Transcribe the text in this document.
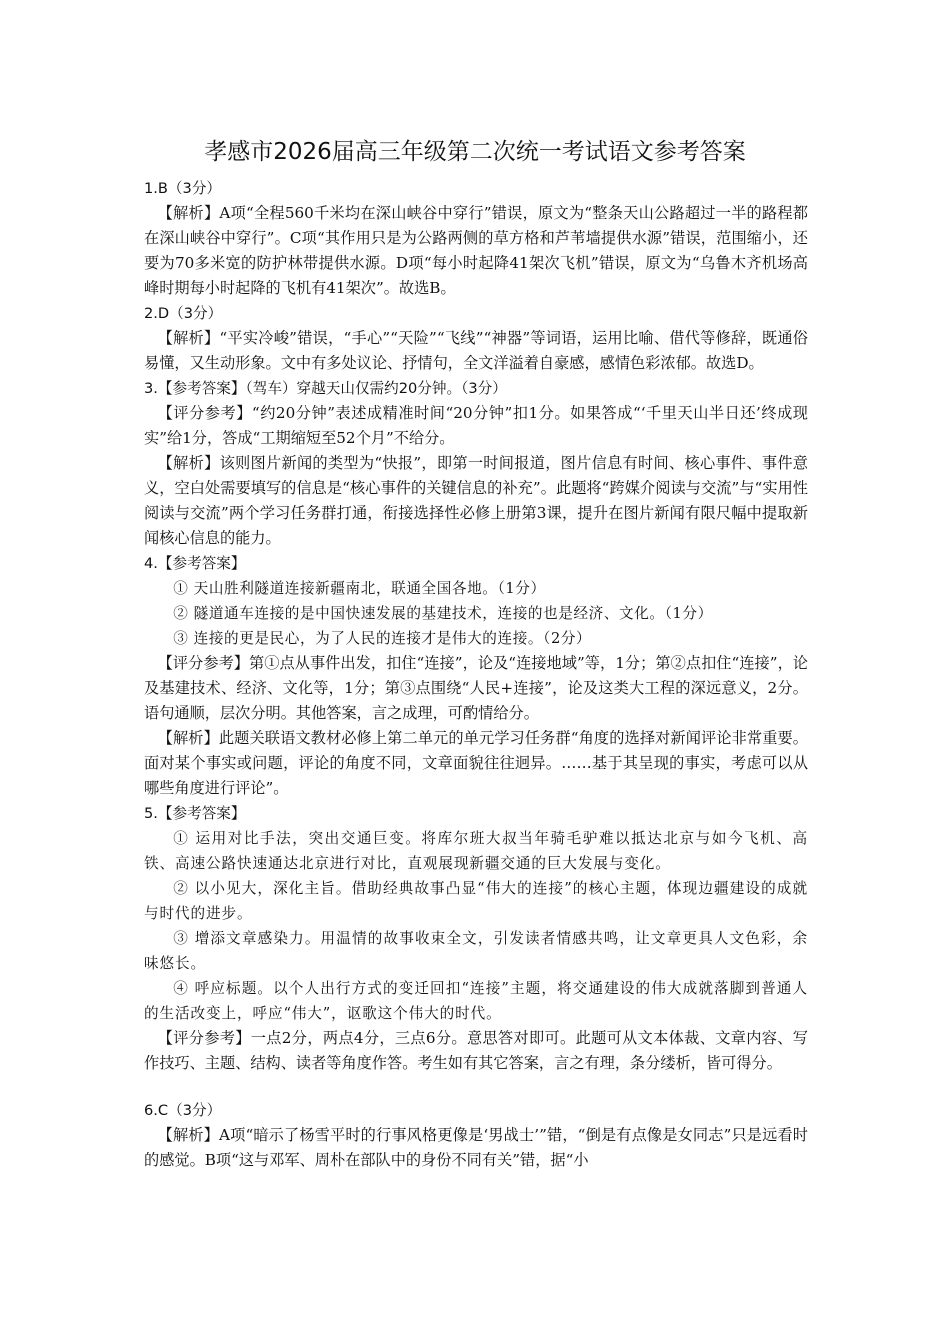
孝感市2026届高三年级第二次统一考试语文参考答案

1.B（3分）

【解析】A项“全程560千米均在深山峡谷中穿行”错误，原文为“整条天山公路超过一半的路程都在深山峡谷中穿行”。C项“其作用只是为公路两侧的草方格和芦苇墙提供水源”错误，范围缩小，还要为70多米宽的防护林带提供水源。D项“每小时起降41架次飞机”错误，原文为“乌鲁木齐机场高峰时期每小时起降的飞机有41架次”。故选B。

2.D（3分）

【解析】“平实冷峻”错误，“手心”“天险”“飞线”“神器”等词语，运用比喻、借代等修辞，既通俗易懂，又生动形象。文中有多处议论、抒情句，全文洋溢着自豪感，感情色彩浓郁。故选D。

3.【参考答案】（驾车）穿越天山仅需约20分钟。（3分）

【评分参考】“约20分钟”表述成精准时间“20分钟”扣1分。如果答成“‘千里天山半日还’终成现实”给1分，答成“工期缩短至52个月”不给分。

【解析】该则图片新闻的类型为“快报”，即第一时间报道，图片信息有时间、核心事件、事件意义，空白处需要填写的信息是“核心事件的关键信息的补充”。此题将“跨媒介阅读与交流”与“实用性阅读与交流”两个学习任务群打通，衔接选择性必修上册第3课，提升在图片新闻有限尺幅中提取新闻核心信息的能力。

4.【参考答案】

① 天山胜利隧道连接新疆南北，联通全国各地。（1分）

② 隧道通车连接的是中国快速发展的基建技术，连接的也是经济、文化。（1分）

③ 连接的更是民心，为了人民的连接才是伟大的连接。（2分）

【评分参考】第①点从事件出发，扣住“连接”，论及“连接地域”等，1分；第②点扣住“连接”，论及基建技术、经济、文化等，1分；第③点围绕“人民+连接”，论及这类大工程的深远意义，2分。语句通顺，层次分明。其他答案，言之成理，可酌情给分。

【解析】此题关联语文教材必修上第二单元的单元学习任务群“角度的选择对新闻评论非常重要。面对某个事实或问题，评论的角度不同，文章面貌往往迥异。……基于其呈现的事实，考虑可以从哪些角度进行评论”。

5.【参考答案】

① 运用对比手法，突出交通巨变。将库尔班大叔当年骑毛驴难以抵达北京与如今飞机、高铁、高速公路快速通达北京进行对比，直观展现新疆交通的巨大发展与变化。

② 以小见大，深化主旨。借助经典故事凸显“伟大的连接”的核心主题，体现边疆建设的成就与时代的进步。

③ 增添文章感染力。用温情的故事收束全文，引发读者情感共鸣，让文章更具人文色彩，余味悠长。

④ 呼应标题。以个人出行方式的变迁回扣“连接”主题，将交通建设的伟大成就落脚到普通人的生活改变上，呼应“伟大”，讴歌这个伟大的时代。

【评分参考】一点2分，两点4分，三点6分。意思答对即可。此题可从文本体裁、文章内容、写作技巧、主题、结构、读者等角度作答。考生如有其它答案，言之有理，条分缕析，皆可得分。

6.C（3分）

【解析】A项“暗示了杨雪平时的行事风格更像是‘男战士’”错，“倒是有点像是女同志”只是远看时的感觉。B项“这与邓军、周朴在部队中的身份不同有关”错，据“小
